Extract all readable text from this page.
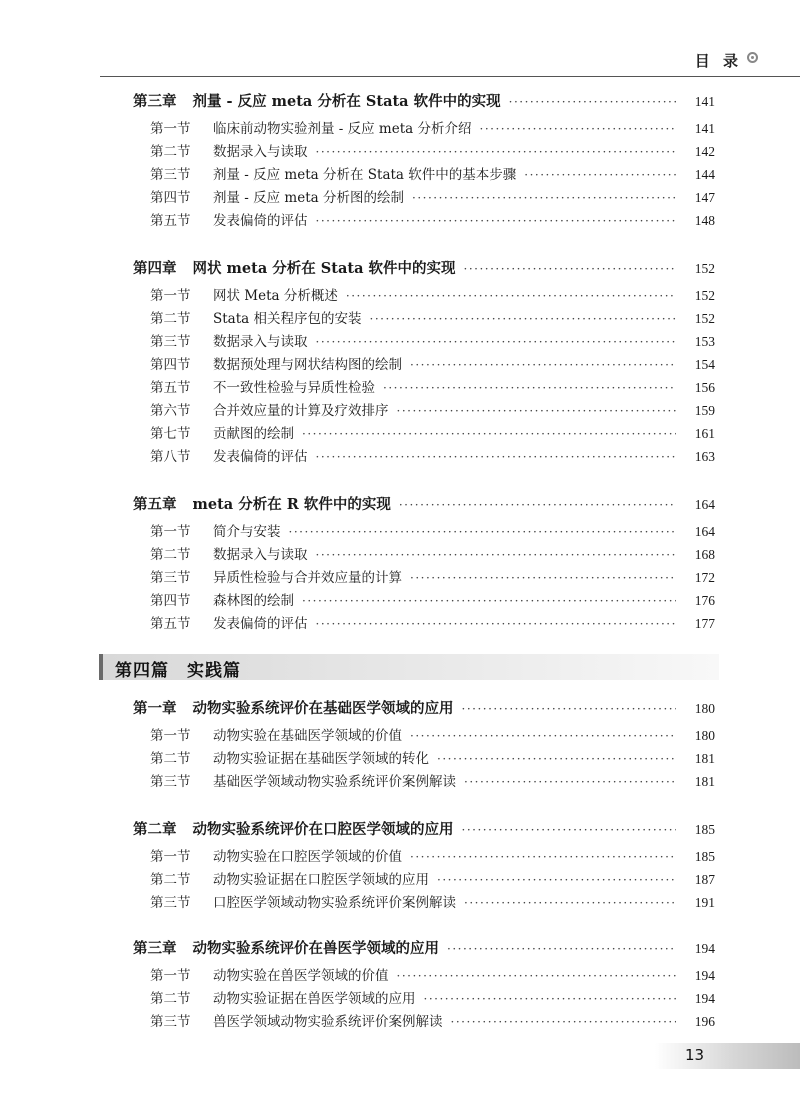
目 录
第三章 剂量 - 反应 meta 分析在 Stata 软件中的实现 ·····	141
第一节	临床前动物实验剂量 - 反应 meta 分析介绍 ·····	141
第二节	数据录入与读取 ·····	142
第三节	剂量 - 反应 meta 分析在 Stata 软件中的基本步骤 ·····	144
第四节	剂量 - 反应 meta 分析图的绘制 ·····	147
第五节	发表偏倚的评估 ·····	148
第四章 网状 meta 分析在 Stata 软件中的实现 ·····	152
第一节	网状 Meta 分析概述 ·····	152
第二节	Stata 相关程序包的安装 ·····	152
第三节	数据录入与读取 ·····	153
第四节	数据预处理与网状结构图的绘制 ·····	154
第五节	不一致性检验与异质性检验 ·····	156
第六节	合并效应量的计算及疗效排序 ·····	159
第七节	贡献图的绘制 ·····	161
第八节	发表偏倚的评估 ·····	163
第五章 meta 分析在 R 软件中的实现 ·····	164
第一节	简介与安装 ·····	164
第二节	数据录入与读取 ·····	168
第三节	异质性检验与合并效应量的计算 ·····	172
第四节	森林图的绘制 ·····	176
第五节	发表偏倚的评估 ·····	177
第四篇　实践篇
第一章 动物实验系统评价在基础医学领域的应用 ·····	180
第一节	动物实验在基础医学领域的价值 ·····	180
第二节	动物实验证据在基础医学领域的转化 ·····	181
第三节	基础医学领域动物实验系统评价案例解读 ·····	181
第二章 动物实验系统评价在口腔医学领域的应用 ·····	185
第一节	动物实验在口腔医学领域的价值 ·····	185
第二节	动物实验证据在口腔医学领域的应用 ·····	187
第三节	口腔医学领域动物实验系统评价案例解读 ·····	191
第三章 动物实验系统评价在兽医学领域的应用 ·····	194
第一节	动物实验在兽医学领域的价值 ·····	194
第二节	动物实验证据在兽医学领域的应用 ·····	194
第三节	兽医学领域动物实验系统评价案例解读 ·····	196
13
